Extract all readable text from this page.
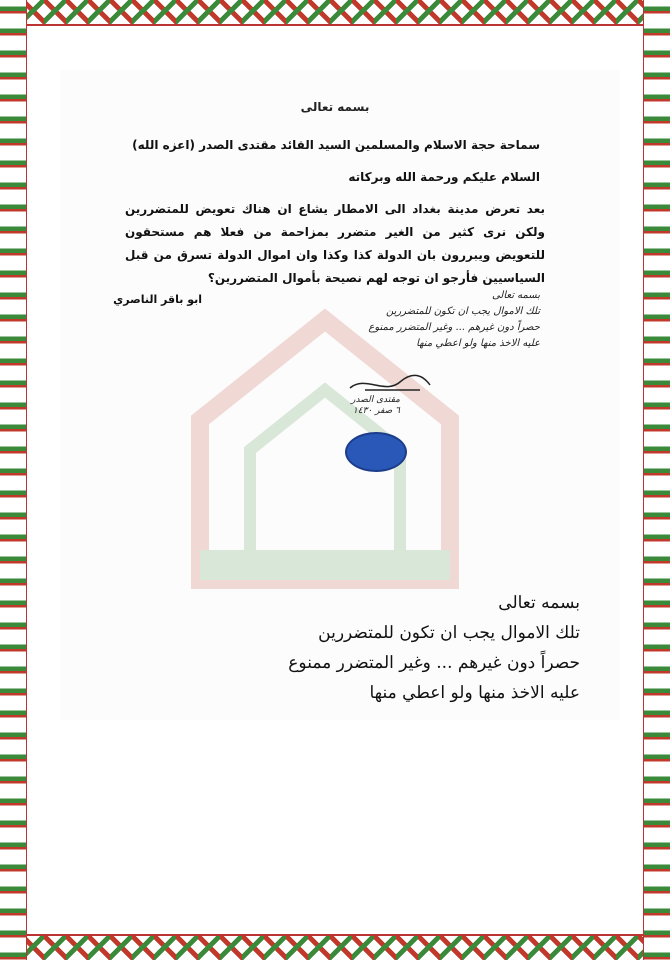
بسمه تعالى
سماحة حجة الاسلام والمسلمين السيد القائد مقتدى الصدر (اعزه الله)
السلام عليكم ورحمة الله وبركاته
بعد تعرض مدينة بغداد الى الامطار يشاع ان هناك تعويض للمتضررين ولكن نرى كثير من الغير متضرر بمزاحمة من فعلا هم مستحقون للتعويض ويبررون بان الدولة كذا وكذا وان اموال الدولة تسرق من قبل السياسيين فأرجو ان توجه لهم نصيحة بأموال المتضررين؟
ابو باقر الناصري	بسمه تعالى
تلك الاموال يجب ان تكون للمتضررين
حصراً دون غيرهم ... وغير المتضرر ممنوع
عليه الاخذ منها ولو اعطي منها
مقتدى الصدر
٦ صفر ١٤٣٠
بسمه تعالى
تلك الاموال يجب ان تكون للمتضررين
حصراً دون غيرهم ... وغير المتضرر ممنوع
عليه الاخذ منها ولو اعطي منها
